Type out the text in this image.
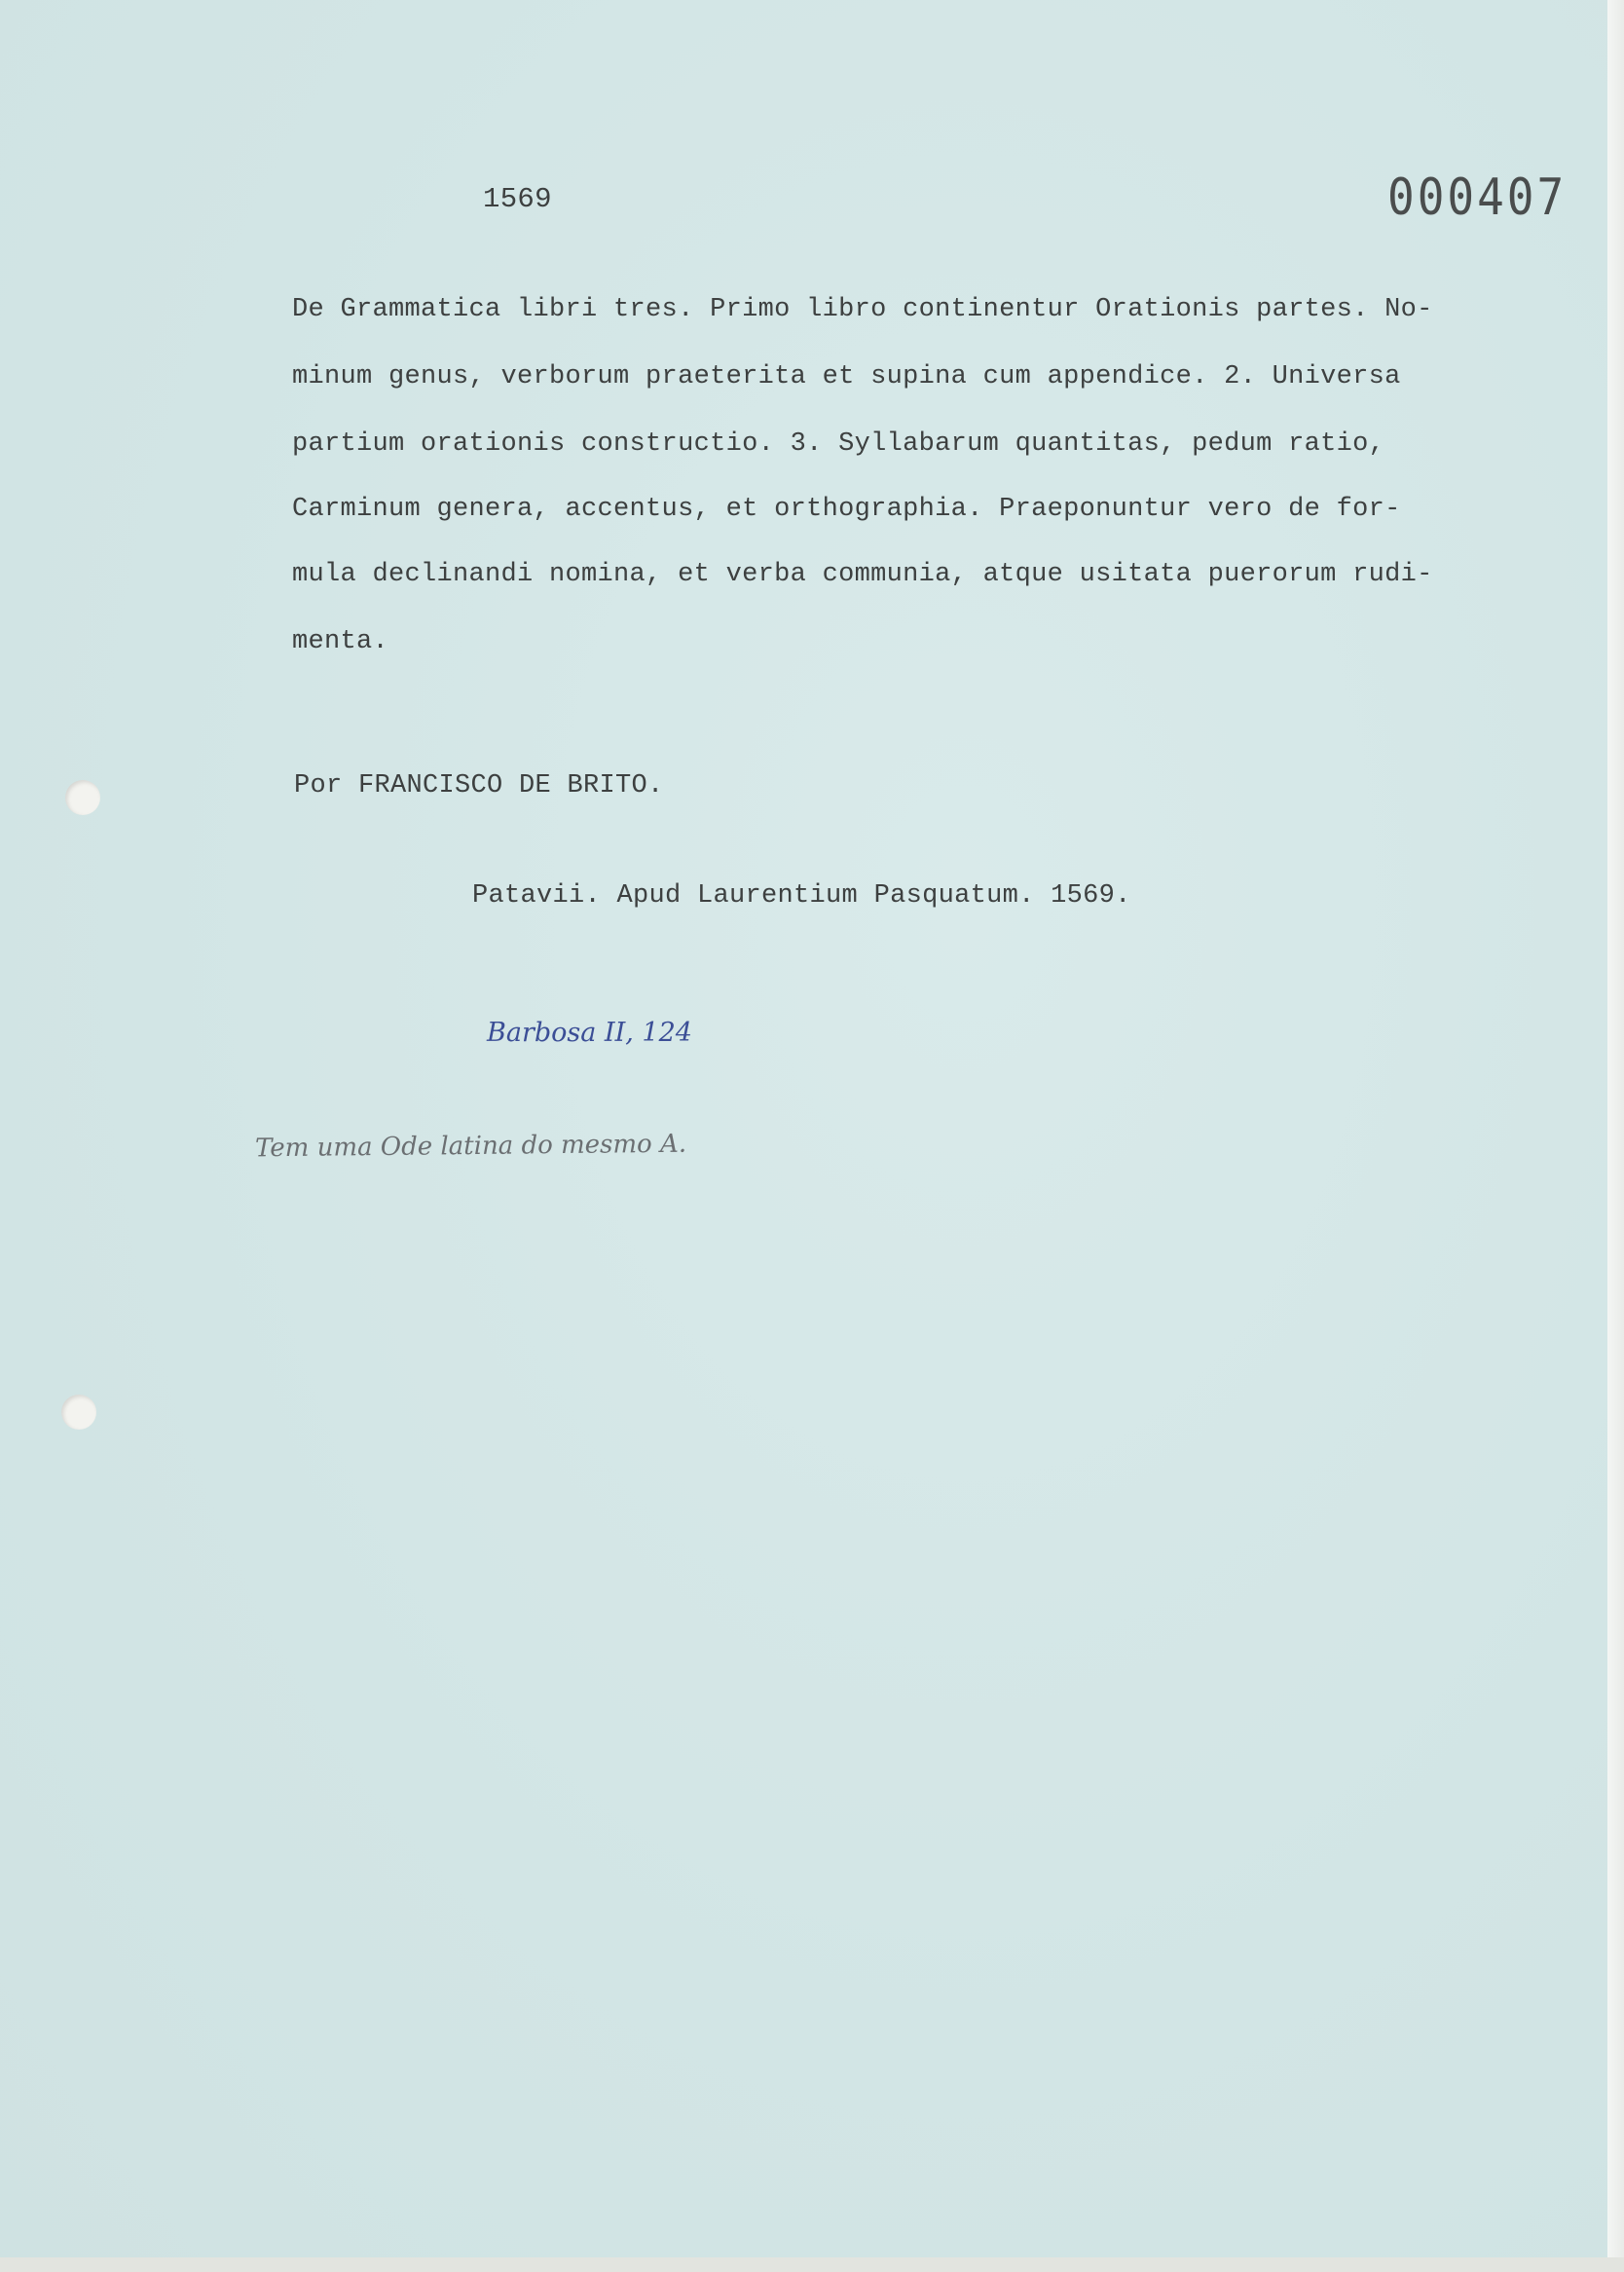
1569	000407
De Grammatica libri tres. Primo libro continentur Orationis partes. No-
minum genus, verborum praeterita et supina cum appendice. 2. Universa
partium orationis constructio. 3. Syllabarum quantitas, pedum ratio,
Carminum genera, accentus, et orthographia. Praeponuntur vero de for-
mula declinandi nomina, et verba communia, atque usitata puerorum rudi-
menta.
Por FRANCISCO DE BRITO.
Patavii. Apud Laurentium Pasquatum. 1569.
Barbosa II, 124
Tem uma Ode latina do mesmo A.
